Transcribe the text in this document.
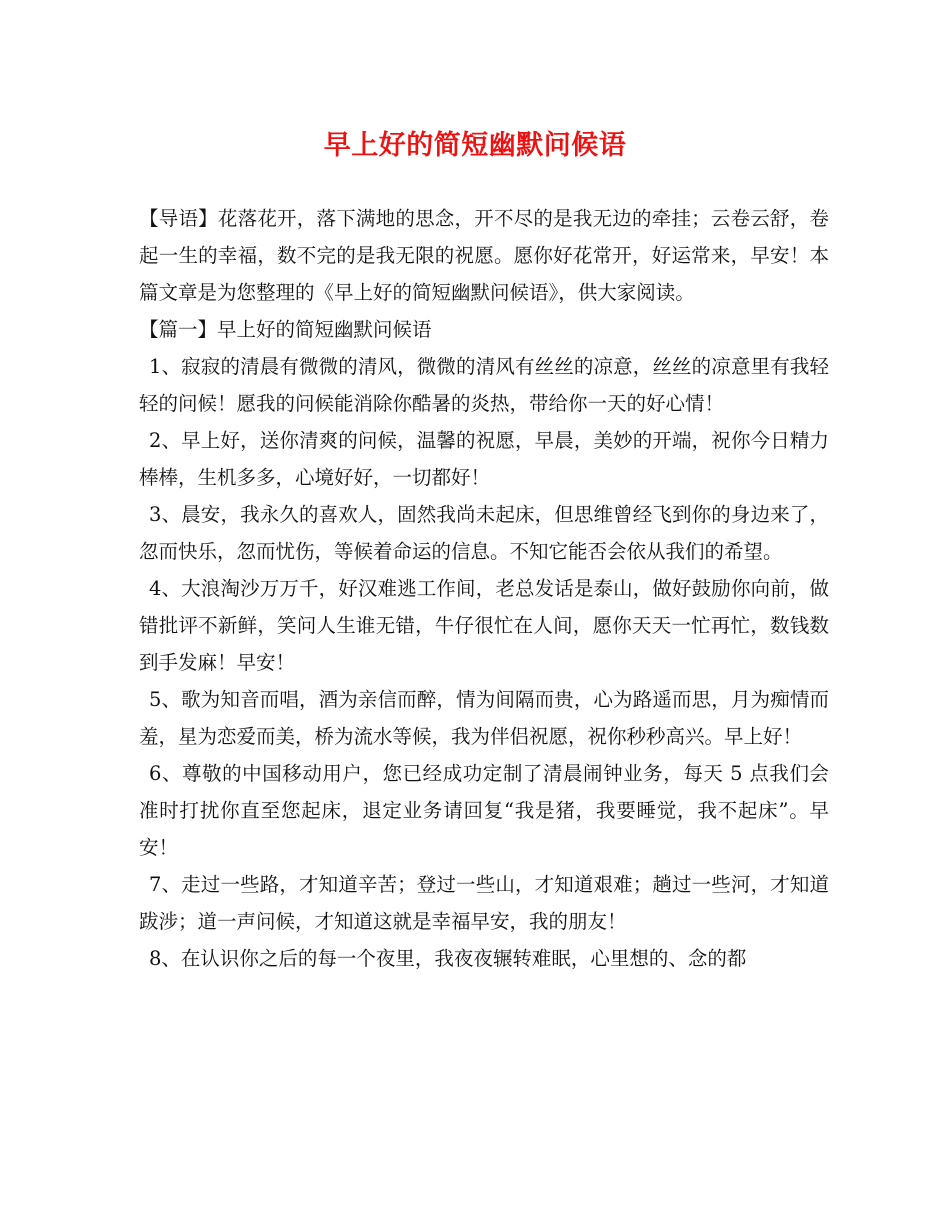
早上好的简短幽默问候语

【导语】花落花开，落下满地的思念，开不尽的是我无边的牵挂；云卷云舒，卷起一生的幸福，数不完的是我无限的祝愿。愿你好花常开，好运常来，早安！本篇文章是为您整理的《早上好的简短幽默问候语》，供大家阅读。

【篇一】早上好的简短幽默问候语

1、寂寂的清晨有微微的清风，微微的清风有丝丝的凉意，丝丝的凉意里有我轻轻的问候！愿我的问候能消除你酷暑的炎热，带给你一天的好心情！

2、早上好，送你清爽的问候，温馨的祝愿，早晨，美妙的开端，祝你今日精力棒棒，生机多多，心境好好，一切都好！

3、晨安，我永久的喜欢人，固然我尚未起床，但思维曾经飞到你的身边来了，忽而快乐，忽而忧伤，等候着命运的信息。不知它能否会依从我们的希望。

4、大浪淘沙万万千，好汉难逃工作间，老总发话是泰山，做好鼓励你向前，做错批评不新鲜，笑问人生谁无错，牛仔很忙在人间，愿你天天一忙再忙，数钱数到手发麻！早安！

5、歌为知音而唱，酒为亲信而醉，情为间隔而贵，心为路遥而思，月为痴情而羞，星为恋爱而美，桥为流水等候，我为伴侣祝愿，祝你秒秒高兴。早上好！

6、尊敬的中国移动用户，您已经成功定制了清晨闹钟业务，每天 5 点我们会准时打扰你直至您起床，退定业务请回复“我是猪，我要睡觉，我不起床”。早安！

7、走过一些路，才知道辛苦；登过一些山，才知道艰难；趟过一些河，才知道跋涉；道一声问候，才知道这就是幸福早安，我的朋友！

8、在认识你之后的每一个夜里，我夜夜辗转难眠，心里想的、念的都
